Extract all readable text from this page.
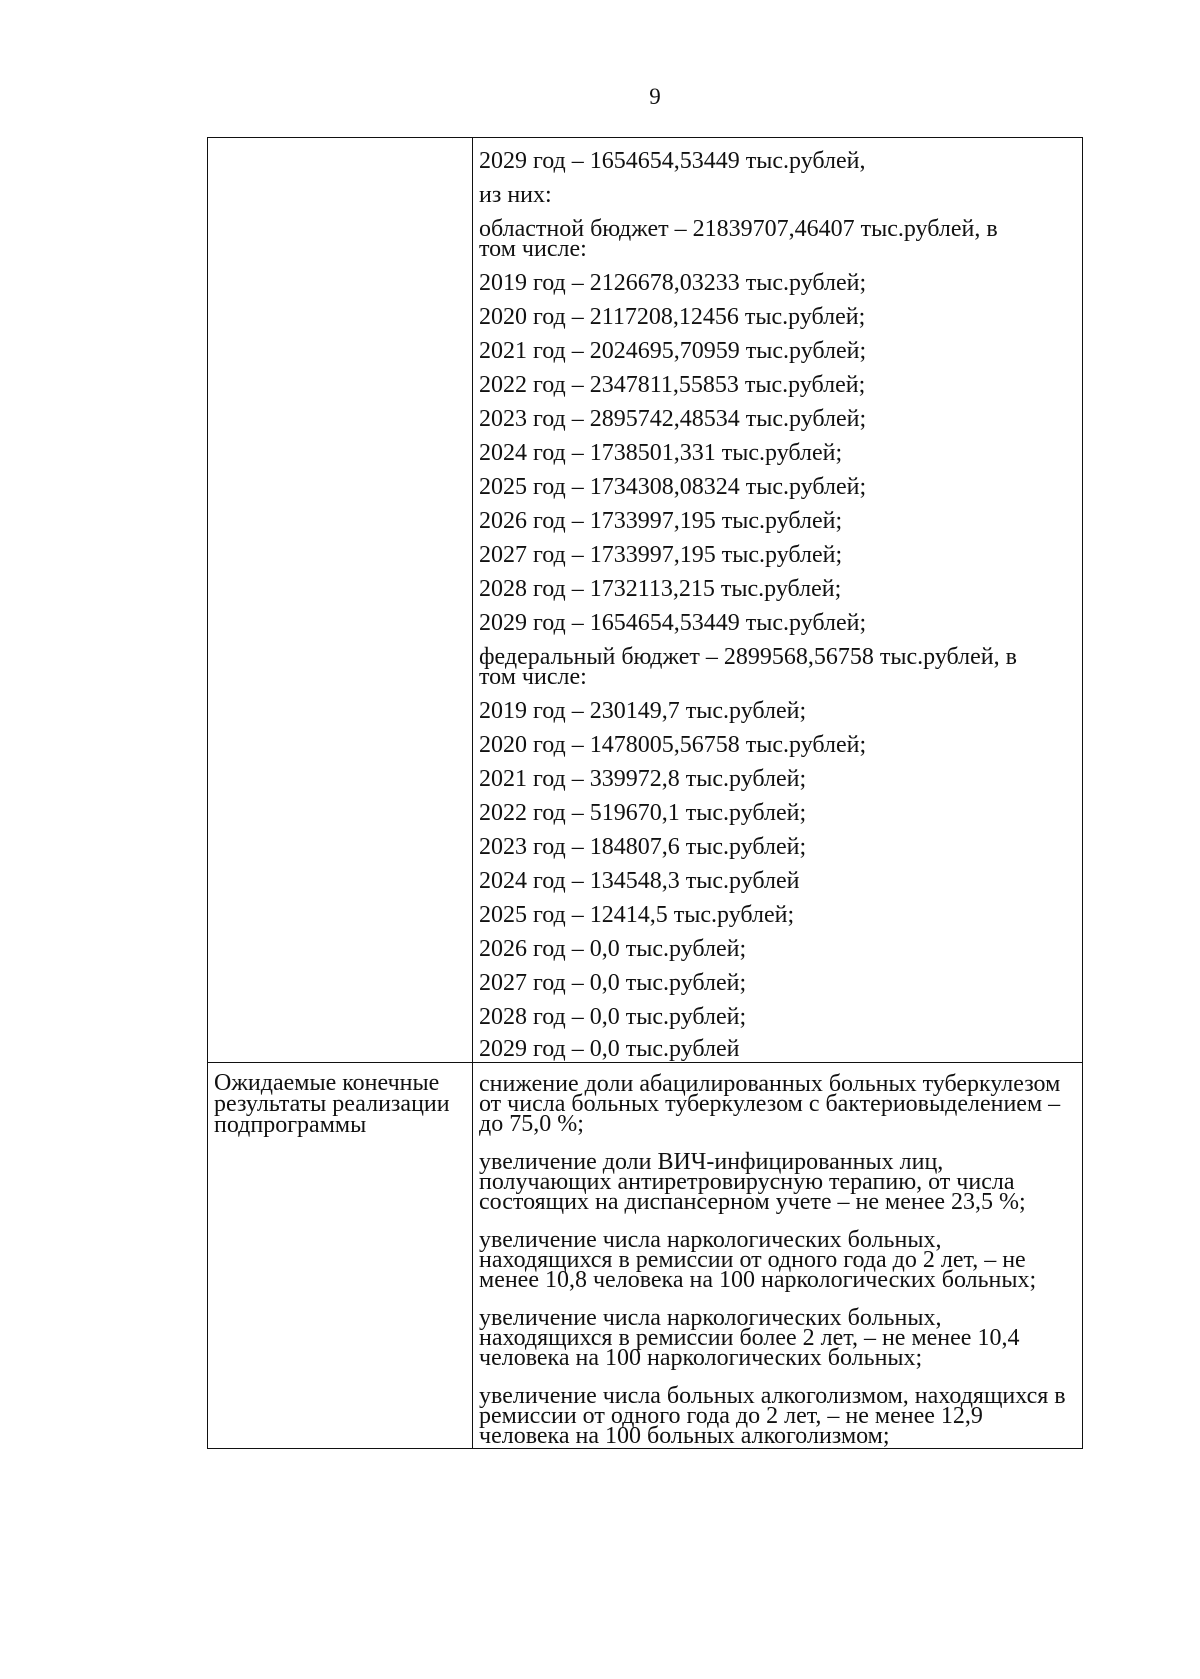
9
2029 год – 1654654,53449 тыс.рублей,
из них:
областной бюджет – 21839707,46407 тыс.рублей, в том числе:
2019 год – 2126678,03233 тыс.рублей;
2020 год – 2117208,12456 тыс.рублей;
2021 год – 2024695,70959 тыс.рублей;
2022 год – 2347811,55853 тыс.рублей;
2023 год – 2895742,48534 тыс.рублей;
2024 год – 1738501,331 тыс.рублей;
2025 год – 1734308,08324 тыс.рублей;
2026 год – 1733997,195 тыс.рублей;
2027 год – 1733997,195 тыс.рублей;
2028 год – 1732113,215 тыс.рублей;
2029 год – 1654654,53449 тыс.рублей;
федеральный бюджет – 2899568,56758 тыс.рублей, в том числе:
2019 год – 230149,7 тыс.рублей;
2020 год – 1478005,56758 тыс.рублей;
2021 год – 339972,8 тыс.рублей;
2022 год – 519670,1 тыс.рублей;
2023 год – 184807,6 тыс.рублей;
2024 год – 134548,3 тыс.рублей
2025 год – 12414,5 тыс.рублей;
2026 год – 0,0 тыс.рублей;
2027 год – 0,0 тыс.рублей;
2028 год – 0,0 тыс.рублей;
2029 год – 0,0 тыс.рублей
Ожидаемые конечные результаты реализации подпрограммы
снижение доли абацилированных больных туберкулезом от числа больных туберкулезом с бактериовыделением – до 75,0 %;
увеличение доли ВИЧ-инфицированных лиц, получающих антиретровирусную терапию, от числа состоящих на диспансерном учете – не менее 23,5 %;
увеличение числа наркологических больных, находящихся в ремиссии от одного года до 2 лет, – не менее 10,8 человека на 100 наркологических больных;
увеличение числа наркологических больных, находящихся в ремиссии более 2 лет, – не менее 10,4 человека на 100 наркологических больных;
увеличение числа больных алкоголизмом, находящихся в ремиссии от одного года до 2 лет, – не менее 12,9 человека на 100 больных алкоголизмом;
